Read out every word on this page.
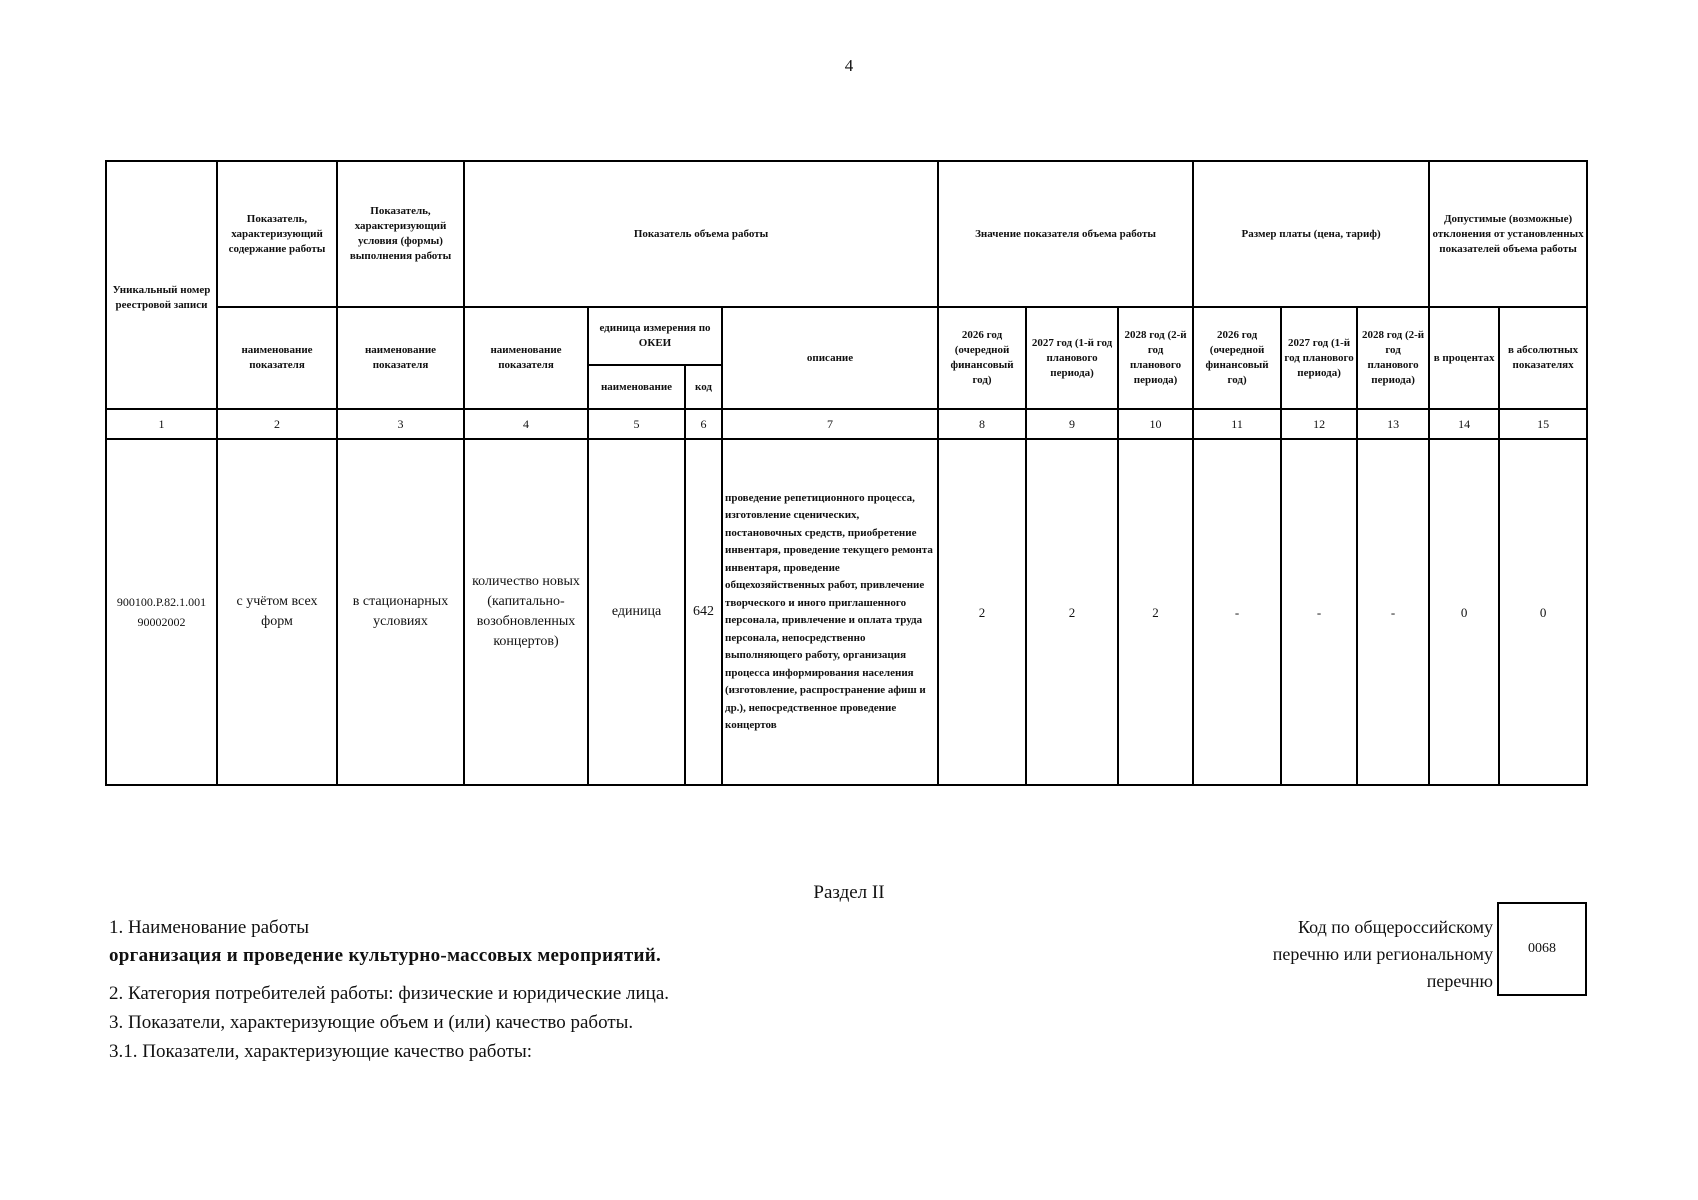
4
Уникальный номер реестровой записи	Показатель, характеризующий содержание работы	Показатель, характеризующий условия (формы) выполнения работы	Показатель объема работы				Значение показателя объема работы			Размер платы (цена, тариф)			Допустимые (возможные) отклонения от установленных показателей объема работы	
	наименование показателя	наименование показателя	наименование показателя	единица измерения по ОКЕИ		описание	2026 год (очередной финансовый год)	2027 год (1-й год планового периода)	2028 год (2-й год планового периода)	2026 год (очередной финансовый год)	2027 год (1-й год планового периода)	2028 год (2-й год планового периода)	в процентах	в абсолютных показателях
				наименование	код									
1	2	3	4	5	6	7	8	9	10	11	12	13	14	15
900100.Р.82.1.001 90002002	с учётом всех форм	в стационарных условиях	количество новых (капитально-возобновленных концертов)	единица	642	проведение репетиционного процесса, изготовление сценических, постановочных средств, приобретение инвентаря, проведение текущего ремонта инвентаря, проведение общехозяйственных работ, привлечение творческого и иного приглашенного персонала, привлечение и оплата труда персонала, непосредственно выполняющего работу, организация процесса информирования населения (изготовление, распространение афиш и др.), непосредственное проведение концертов	2	2	2	-	-	-	0	0
Раздел II
1. Наименование работы
организация и проведение культурно-массовых мероприятий.
2. Категория потребителей работы: физические и юридические лица.
3. Показатели, характеризующие объем и (или) качество работы.
3.1. Показатели, характеризующие качество работы:
Код по общероссийскому перечню или региональному перечню
0068
